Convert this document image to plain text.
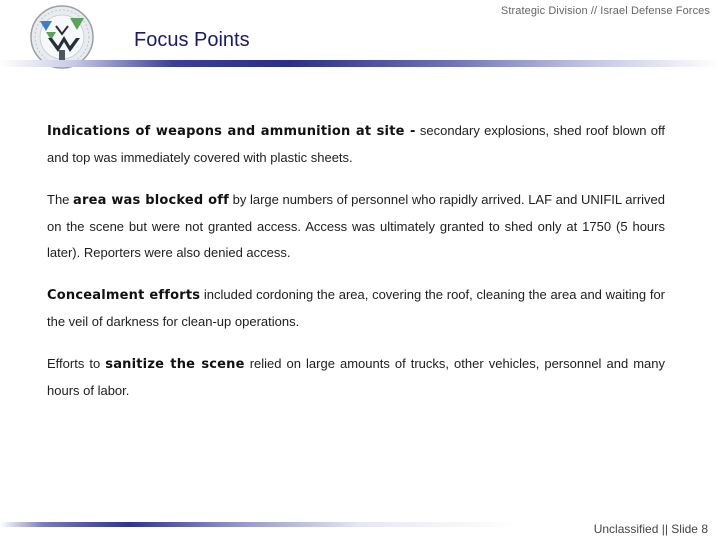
Strategic Division // Israel Defense Forces
Focus Points

Indications of weapons and ammunition at site - secondary explosions, shed roof blown off and top was immediately covered with plastic sheets.

The area was blocked off by large numbers of personnel who rapidly arrived. LAF and UNIFIL arrived on the scene but were not granted access. Access was ultimately granted to shed only at 1750 (5 hours later). Reporters were also denied access.

Concealment efforts included cordoning the area, covering the roof, cleaning the area and waiting for the veil of darkness for clean-up operations.

Efforts to sanitize the scene relied on large amounts of trucks, other vehicles, personnel and many hours of labor.

Unclassified || Slide 8
